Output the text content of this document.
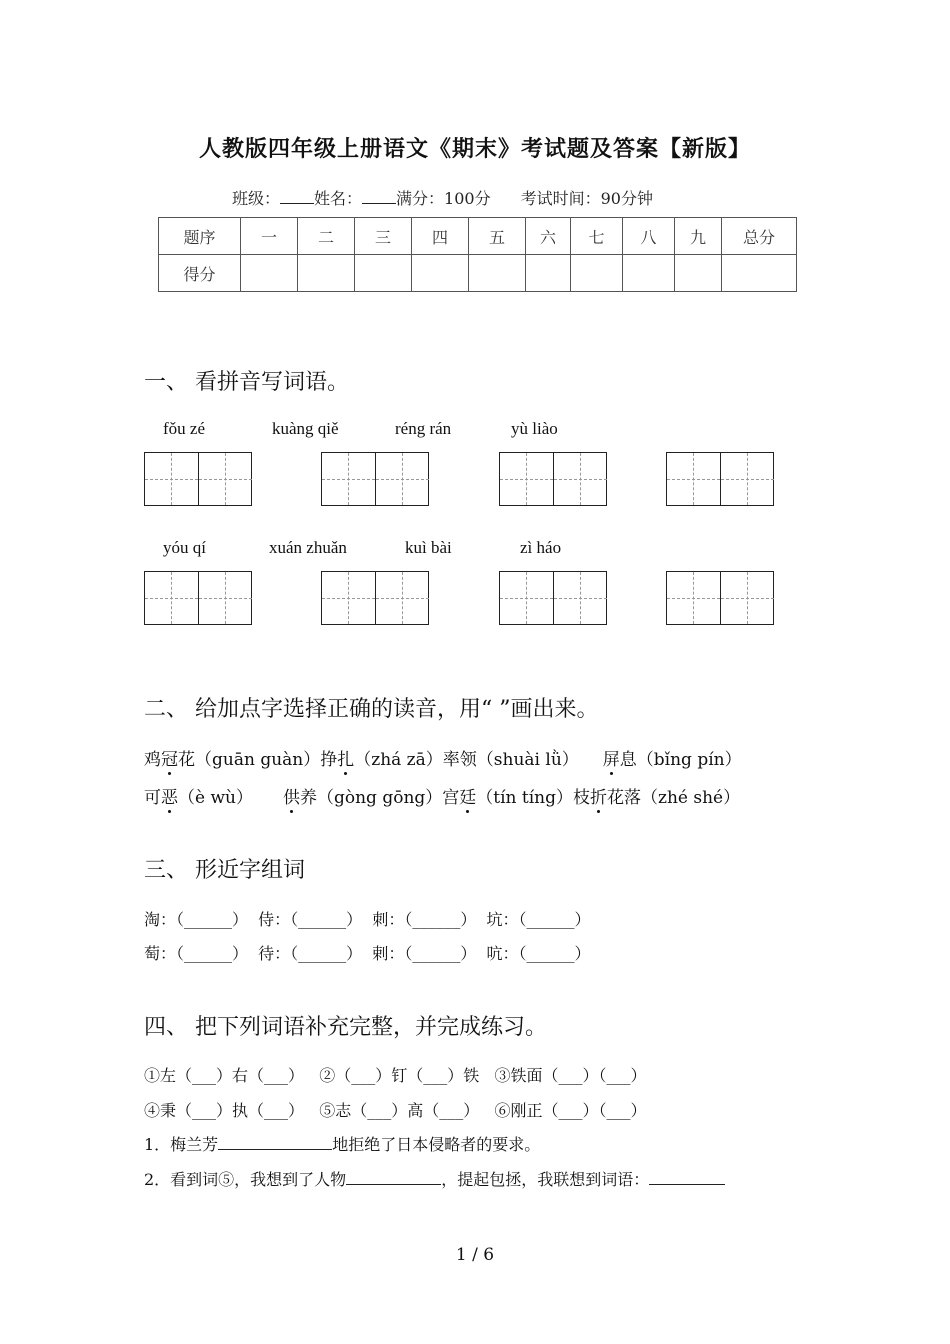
人教版四年级上册语文《期末》考试题及答案【新版】
班级： 姓名： 满分：100分 考试时间：90分钟
题序	一	二	三	四	五	六	七	八	九	总分
得分										
一、 看拼音写词语。
fǒu zé	kuàng qiě	réng rán	yù liào
yóu qí	xuán zhuǎn	kuì bài	zì háo
二、 给加点字选择正确的读音，用“ ”画出来。
鸡冠花（guān guàn）挣扎（zhá zā）率领（shuài lǜ） 屏息（bǐng pín）
可恶（è wù） 供养（gòng gōng）宫廷（tín tíng）枝折花落（zhé shé）
三、 形近字组词
淘：（______）  侍：（______）  刺：（______）  坑：（______）
萄：（______）  待：（______）  剌：（______）  吭：（______）
四、 把下列词语补充完整，并完成练习。
①左（___）右（___）   ②（___）钉（___）铁   ③铁面（___）（___）
④秉（___）执（___）   ⑤志（___）高（___）   ⑥刚正（___）（___）
1．梅兰芳	地拒绝了日本侵略者的要求。
2．看到词⑤，我想到了人物	，提起包拯，我联想到词语：
1 / 6
